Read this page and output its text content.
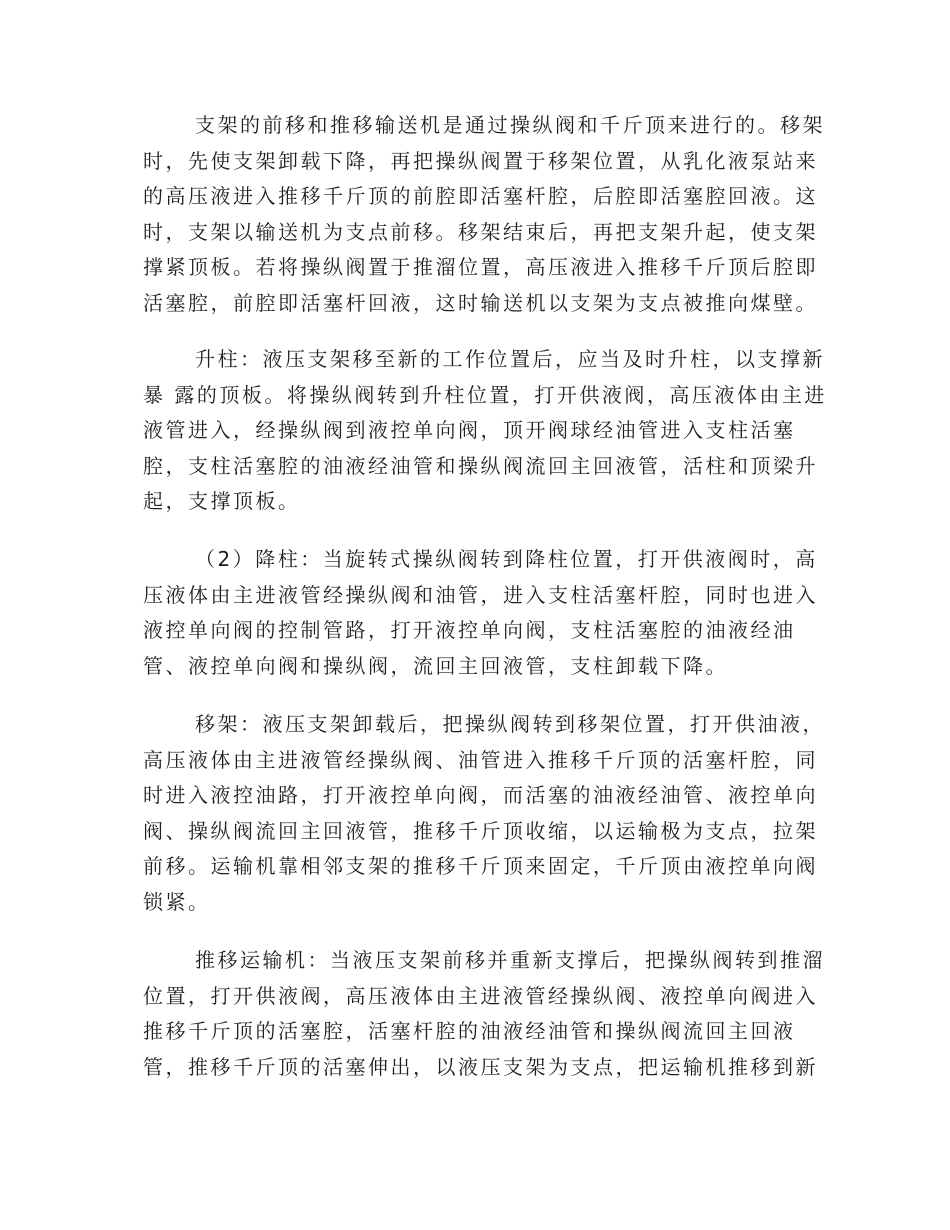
支架的前移和推移输送机是通过操纵阀和千斤顶来进行的。移架
时，先使支架卸载下降，再把操纵阀置于移架位置，从乳化液泵站来
的高压液进入推移千斤顶的前腔即活塞杆腔，后腔即活塞腔回液。这
时，支架以输送机为支点前移。移架结束后，再把支架升起，使支架
撑紧顶板。若将操纵阀置于推溜位置，高压液进入推移千斤顶后腔即
活塞腔，前腔即活塞杆回液，这时输送机以支架为支点被推向煤壁。
升柱：液压支架移至新的工作位置后，应当及时升柱，以支撑新
暴 露的顶板。将操纵阀转到升柱位置，打开供液阀，高压液体由主进
液管进入，经操纵阀到液控单向阀，顶开阀球经油管进入支柱活塞
腔，支柱活塞腔的油液经油管和操纵阀流回主回液管，活柱和顶梁升
起，支撑顶板。
（2）降柱：当旋转式操纵阀转到降柱位置，打开供液阀时，高
压液体由主进液管经操纵阀和油管，进入支柱活塞杆腔，同时也进入
液控单向阀的控制管路，打开液控单向阀，支柱活塞腔的油液经油
管、液控单向阀和操纵阀，流回主回液管，支柱卸载下降。
移架：液压支架卸载后，把操纵阀转到移架位置，打开供油液，
高压液体由主进液管经操纵阀、油管进入推移千斤顶的活塞杆腔，同
时进入液控油路，打开液控单向阀，而活塞的油液经油管、液控单向
阀、操纵阀流回主回液管，推移千斤顶收缩，以运输极为支点，拉架
前移。运输机靠相邻支架的推移千斤顶来固定，千斤顶由液控单向阀
锁紧。
推移运输机：当液压支架前移并重新支撑后，把操纵阀转到推溜
位置，打开供液阀，高压液体由主进液管经操纵阀、液控单向阀进入
推移千斤顶的活塞腔，活塞杆腔的油液经油管和操纵阀流回主回液
管，推移千斤顶的活塞伸出，以液压支架为支点，把运输机推移到新
